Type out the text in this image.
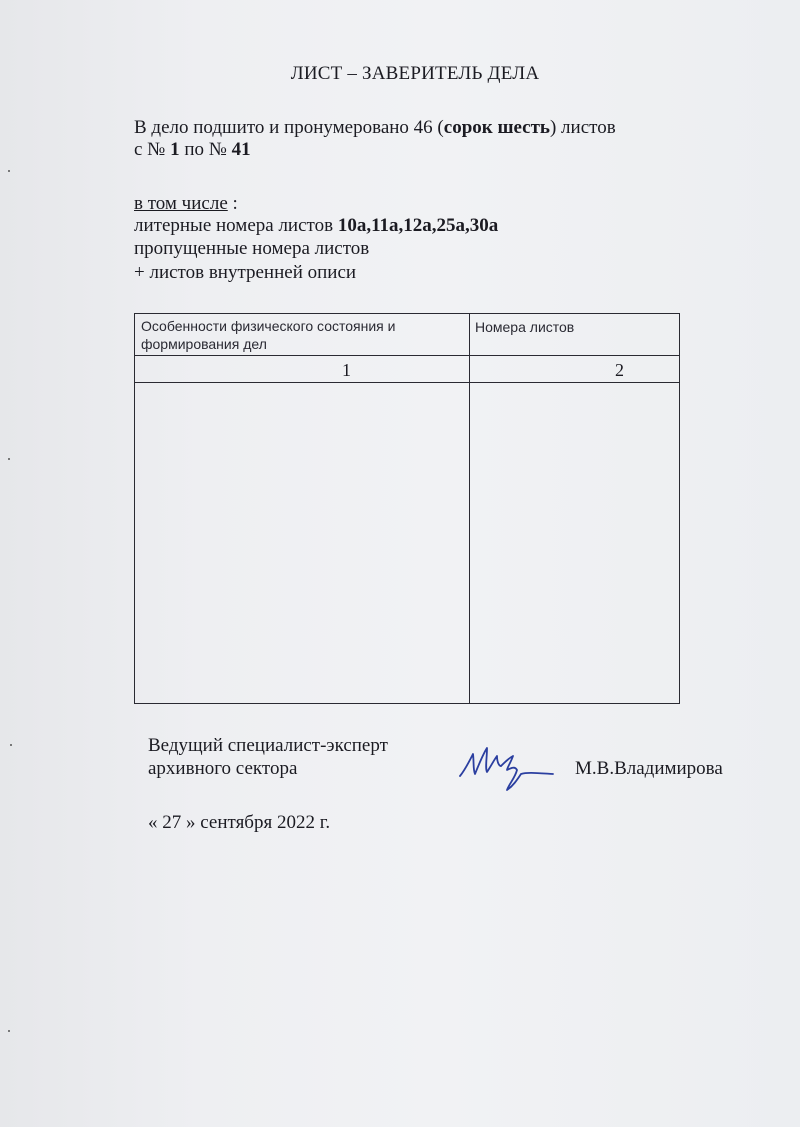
ЛИСТ – ЗАВЕРИТЕЛЬ ДЕЛА
В дело подшито и пронумеровано 46 (сорок шесть) листов
с № 1 по № 41
в том числе :
литерные номера листов 10а,11а,12а,25а,30а
пропущенные номера листов
+ листов внутренней описи
Особенности физического состояния и формирования дел
Номера листов
1	2
Ведущий специалист-эксперт
архивного сектора	М.В.Владимирова
« 27 » сентября 2022 г.
